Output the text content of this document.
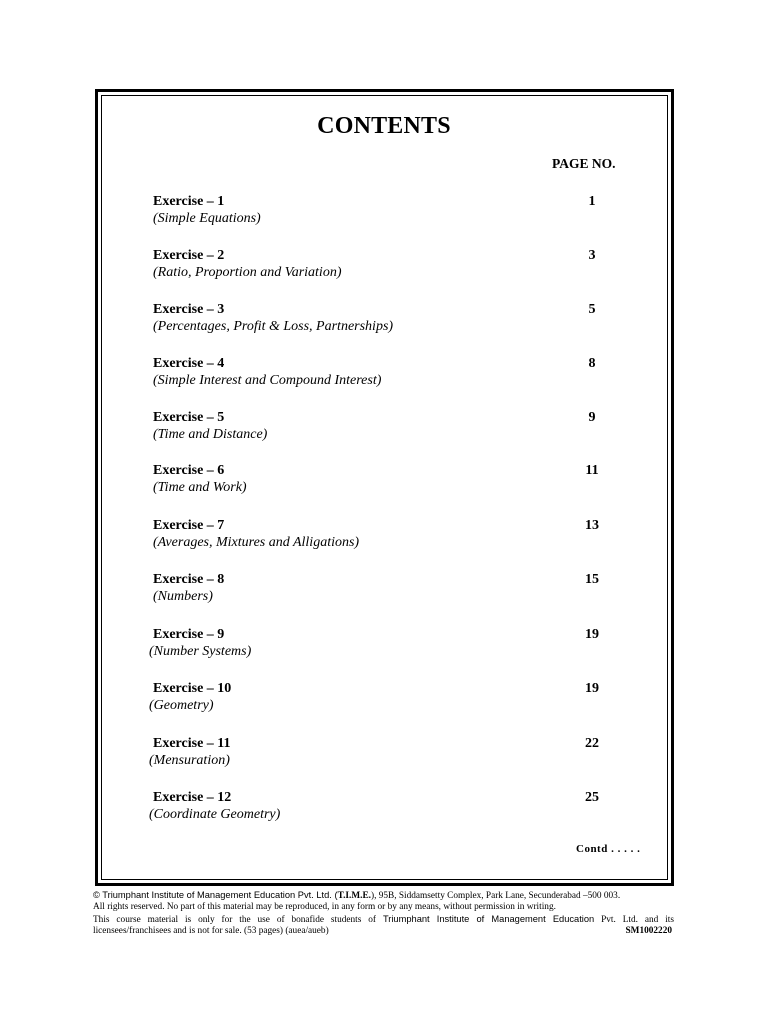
CONTENTS
PAGE NO.
Exercise – 1
(Simple Equations)
1
Exercise – 2
(Ratio, Proportion and Variation)
3
Exercise – 3
(Percentages, Profit & Loss, Partnerships)
5
Exercise – 4
(Simple Interest and Compound Interest)
8
Exercise – 5
(Time and Distance)
9
Exercise – 6
(Time and Work)
11
Exercise – 7
(Averages, Mixtures and Alligations)
13
Exercise – 8
(Numbers)
15
Exercise – 9
(Number Systems)
19
Exercise – 10
(Geometry)
19
Exercise – 11
(Mensuration)
22
Exercise – 12
(Coordinate Geometry)
25
Contd . . . . .
© Triumphant Institute of Management Education Pvt. Ltd. (T.I.M.E.), 95B, Siddamsetty Complex, Park Lane, Secunderabad –500 003.
All rights reserved. No part of this material may be reproduced, in any form or by any means, without permission in writing.
This course material is only for the use of bonafide students of Triumphant Institute of Management Education Pvt. Ltd. and its
licensees/franchisees and is not for sale. (53 pages) (auea/aueb)	SM1002220
